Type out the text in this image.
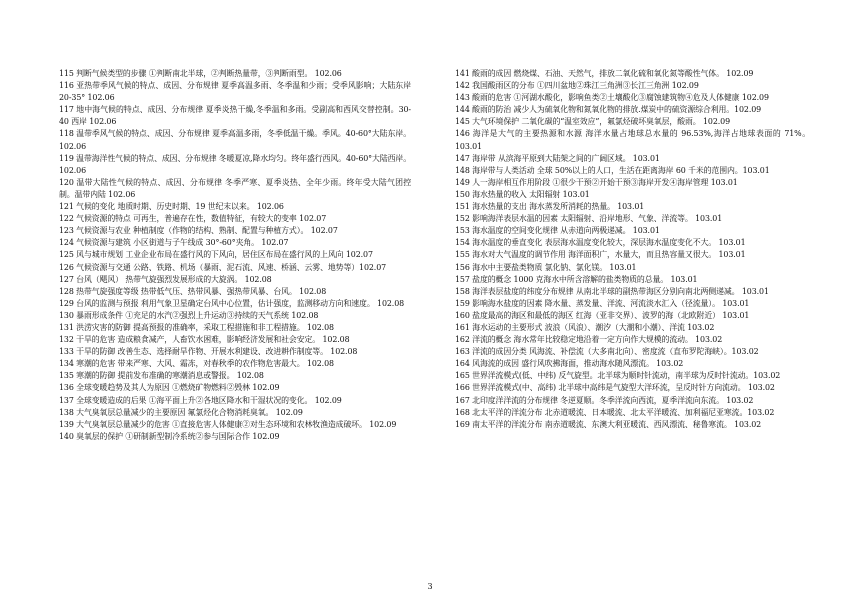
115 判断气候类型的步骤 ①判断南北半球，②判断热量带，③判断雨型。 102.06

116 亚热带季风气候的特点、成因、分布规律 夏季高温多雨、冬季温和少雨；受季风影响；大陆东岸 20-35° 102.06

117 地中海气候的特点、成因、分布规律 夏季炎热干燥,冬季温和多雨。受副高和西风交替控制。30-40 西岸 102.06

118 温带季风气候的特点、成因、分布规律 夏季高温多雨，冬季低温干燥。季风。40-60°大陆东岸。 102.06

119 温带海洋性气候的特点、成因、分布规律 冬暖夏凉,降水均匀。终年盛行西风。40-60°大陆西岸。 102.06

120 温带大陆性气候的特点、成因、分布规律 冬季严寒、夏季炎热、全年少雨。终年受大陆气团控制。温带内陆 102.06

121 气候的变化 地质时期、历史时期、19 世纪末以来。 102.06

122 气候资源的特点 可再生，普遍存在性，数值特征，有较大的变率 102.07

123 气候资源与农业 种植制度（作物的结构、熟制、配置与种植方式）。 102.07

124 气候资源与建筑 小区街道与子午线成 30°-60°夹角。 102.07

125 风与城市规划 工业企业布局在盛行风的下风向，居住区布局在盛行风的上风向 102.07

126 气候资源与交通 公路、铁路、机场（暴雨、泥石流、风速、桥涵、云雾、地势等）102.07

127 台风（飓风） 热带气旋强烈发展形成的大旋涡。 102.08

128 热带气旋强度等级 热带低气压、热带风暴、强热带风暴、台风。 102.08

129 台风的监测与预报 利用气象卫星确定台风中心位置，估计强度，监测移动方向和速度。 102.08

130 暴雨形成条件 ①充足的水汽②强烈上升运动③持续的天气系统 102.08

131 洪涝灾害的防御 提高预报的准确率，采取工程措施和非工程措施。 102.08

132 干旱的危害 造成粮食减产，人畜饮水困难，影响经济发展和社会安定。 102.08

133 干旱的防御 改善生态、选择耐旱作物、开展水利建设、改进耕作制度等。 102.08

134 寒潮的危害 带来严寒、大风、霜冻，对春秋季的农作物危害最大。 102.08

135 寒潮的防御 提前发布准确的寒潮消息或警报。 102.08

136 全球变暖趋势及其人为原因 ①燃烧矿物燃料②毁林 102.09

137 全球变暖造成的后果 ①海平面上升②各地区降水和干湿状况的变化。 102.09

138 大气臭氧层总量减少的主要原因 氟氯烃化合物消耗臭氧。 102.09

139 大气臭氧层总量减少的危害 ①直接危害人体健康②对生态环境和农林牧渔造成破坏。 102.09

140 臭氧层的保护 ①研制新型制冷系统②参与国际合作 102.09

141 酸雨的成因 燃烧煤、石油、天然气，排放二氧化硫和氧化氮等酸性气体。 102.09

142 我国酸雨区的分布 ①四川盆地②珠江三角洲③长江三角洲 102.09

143 酸雨的危害 ①河湖水酸化，影响鱼类②土壤酸化③腐蚀建筑物④危及人体健康 102.09

144 酸雨的防治 减少人为硫氧化物和氮氧化物的排放.煤炭中的硫资源综合利用。102.09

145 大气环境保护 二氧化碳的“温室效应”，氟氯烃破坏臭氧层，酸雨。 102.09

146 海洋是大气的主要热源和水源 海洋水量占地球总水量的 96.53%,海洋占地球表面的 71%。 103.01

147 海岸带 从滨海平原到大陆架之间的广阔区域。 103.01

148 海岸带与人类活动 全球 50%以上的人口，生活在距离海岸 60 千米的范围内。103.01

149 人一海岸相互作用阶段 ①很少干预②开始干预③海岸开发④海岸管理 103.01

150 海水热量的收入 太阳辐射 103.01

151 海水热量的支出 海水蒸发所消耗的热量。 103.01

152 影响海洋表层水温的因素 太阳辐射、沿岸地形、气象、洋流等。 103.01

153 海水温度的空间变化规律 从赤道向两极递减。 103.01

154 海水温度的垂直变化 表层海水温度变化较大，深层海水温度变化不大。 103.01

155 海水对大气温度的调节作用 海洋面积广，水量大，而且热容量又很大。 103.01

156 海水中主要盐类物质 氯化钠、氯化镁。 103.01

157 盐度的概念 1000 克海水中所含溶解的盐类物质的总量。 103.01

158 海洋表层盐度的纬度分布规律 从南北半球的副热带海区分别向南北两侧递减。 103.01

159 影响海水盐度的因素 降水量、蒸发量、洋流、河流淡水汇入（径流量）。 103.01

160 盐度最高的海区和最低的海区 红海（亚非交界）、波罗的海（北欧附近） 103.01

161 海水运动的主要形式 波浪（风浪）、潮汐（大潮和小潮）、洋流 103.02

162 洋流的概念 海水常年比较稳定地沿着一定方向作大规模的流动。 103.02

163 洋流的成因分类 风海流、补偿流（大多南北向）、密度流（直布罗陀海峡）。103.02

164 风海流的成因 盛行风吹拂海面，推动海水随风漂流。 103.02

165 世界洋流模式(低、中纬) 反气旋型。北半球为顺时针流动，南半球为反时针流动。103.02

166 世界洋流模式(中、高纬) 北半球中高纬是气旋型大洋环流，呈反时针方向流动。 103.02

167 北印度洋洋流的分布规律 冬逆夏顺。冬季洋流向西流，夏季洋流向东流。 103.02

168 北太平洋的洋流分布 北赤道暖流、日本暖流、北太平洋暖流、加利福尼亚寒流。103.02

169 南太平洋的洋流分布 南赤道暖流、东澳大利亚暖流、西风漂流、秘鲁寒流。 103.02

3
